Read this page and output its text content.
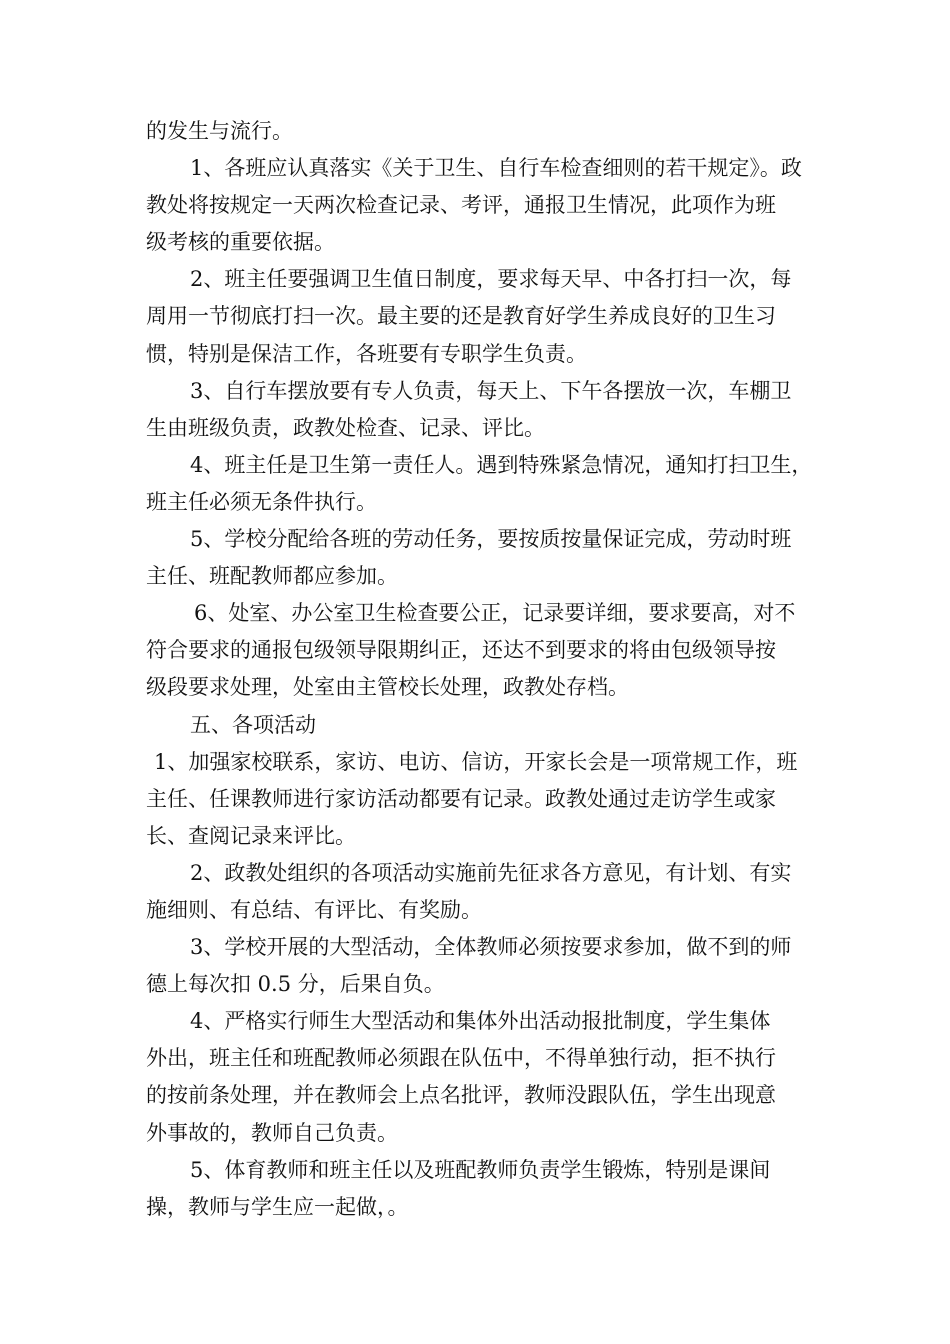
的发生与流行。
1、各班应认真落实《关于卫生、自行车检查细则的若干规定》。政
教处将按规定一天两次检查记录、考评，通报卫生情况，此项作为班
级考核的重要依据。
2、班主任要强调卫生值日制度，要求每天早、中各打扫一次，每
周用一节彻底打扫一次。最主要的还是教育好学生养成良好的卫生习
惯，特别是保洁工作，各班要有专职学生负责。
3、自行车摆放要有专人负责，每天上、下午各摆放一次，车棚卫
生由班级负责，政教处检查、记录、评比。
4、班主任是卫生第一责任人。遇到特殊紧急情况，通知打扫卫生，
班主任必须无条件执行。
5、学校分配给各班的劳动任务，要按质按量保证完成，劳动时班
主任、班配教师都应参加。
6、处室、办公室卫生检查要公正，记录要详细，要求要高，对不
符合要求的通报包级领导限期纠正，还达不到要求的将由包级领导按
级段要求处理，处室由主管校长处理，政教处存档。
五、各项活动
1、加强家校联系，家访、电访、信访，开家长会是一项常规工作，班
主任、任课教师进行家访活动都要有记录。政教处通过走访学生或家
长、查阅记录来评比。
2、政教处组织的各项活动实施前先征求各方意见，有计划、有实
施细则、有总结、有评比、有奖励。
3、学校开展的大型活动，全体教师必须按要求参加，做不到的师
德上每次扣 0.5 分，后果自负。
4、严格实行师生大型活动和集体外出活动报批制度，学生集体
外出，班主任和班配教师必须跟在队伍中，不得单独行动，拒不执行
的按前条处理，并在教师会上点名批评，教师没跟队伍，学生出现意
外事故的，教师自己负责。
5、体育教师和班主任以及班配教师负责学生锻炼，特别是课间
操，教师与学生应一起做，。
